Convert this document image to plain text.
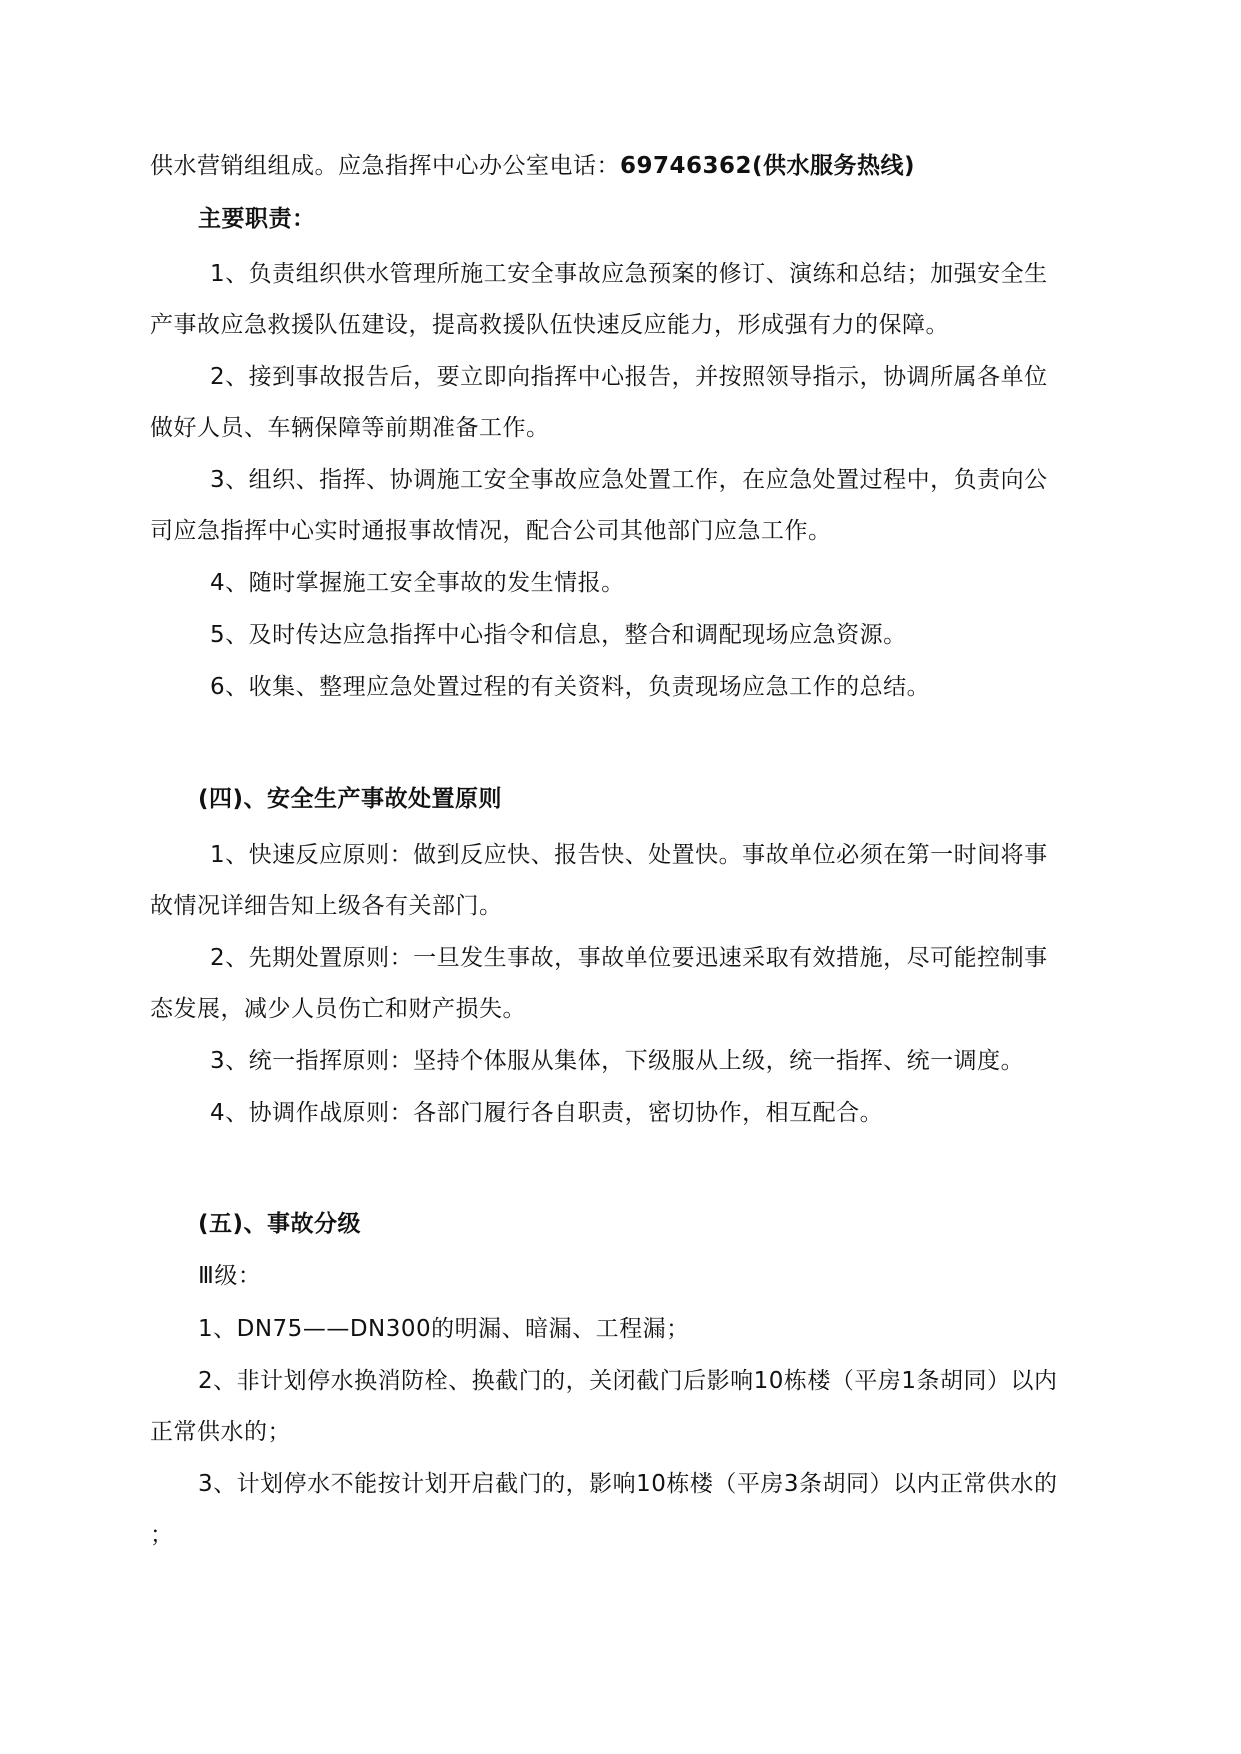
供水营销组组成。应急指挥中心办公室电话：69746362(供水服务热线)
主要职责：
1、负责组织供水管理所施工安全事故应急预案的修订、演练和总结；加强安全生
产事故应急救援队伍建设，提高救援队伍快速反应能力，形成强有力的保障。
2、接到事故报告后，要立即向指挥中心报告，并按照领导指示，协调所属各单位
做好人员、车辆保障等前期准备工作。
3、组织、指挥、协调施工安全事故应急处置工作，在应急处置过程中，负责向公
司应急指挥中心实时通报事故情况，配合公司其他部门应急工作。
4、随时掌握施工安全事故的发生情报。
5、及时传达应急指挥中心指令和信息，整合和调配现场应急资源。
6、收集、整理应急处置过程的有关资料，负责现场应急工作的总结。
(四)、安全生产事故处置原则
1、快速反应原则：做到反应快、报告快、处置快。事故单位必须在第一时间将事
故情况详细告知上级各有关部门。
2、先期处置原则：一旦发生事故，事故单位要迅速采取有效措施，尽可能控制事
态发展，减少人员伤亡和财产损失。
3、统一指挥原则：坚持个体服从集体，下级服从上级，统一指挥、统一调度。
4、协调作战原则：各部门履行各自职责，密切协作，相互配合。
(五)、事故分级
Ⅲ级：
1、DN75——DN300的明漏、暗漏、工程漏；
2、非计划停水换消防栓、换截门的，关闭截门后影响10栋楼（平房1条胡同）以内
正常供水的；
3、计划停水不能按计划开启截门的，影响10栋楼（平房3条胡同）以内正常供水的
；
